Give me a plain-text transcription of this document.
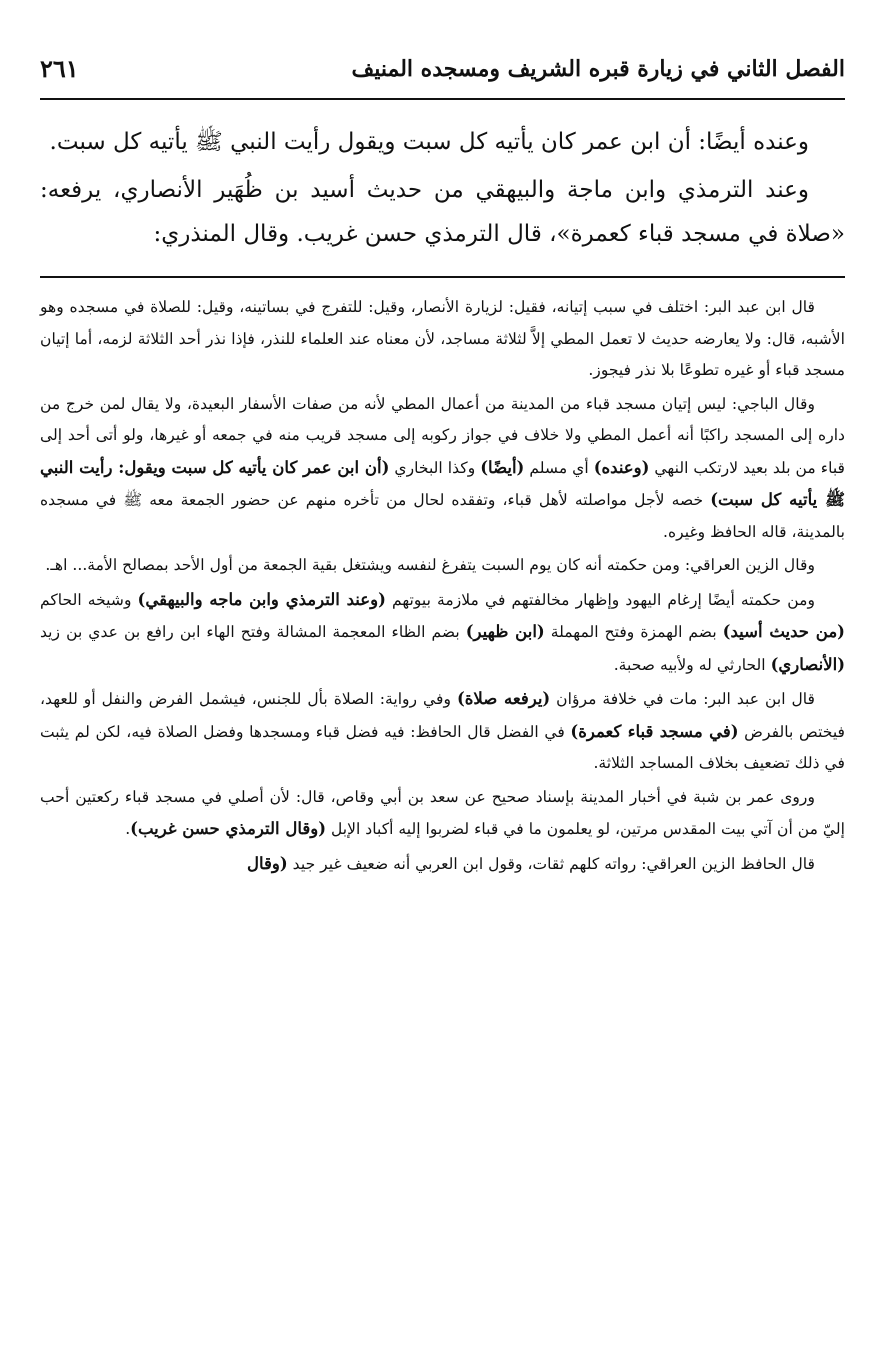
الفصل الثاني في زيارة قبره الشريف ومسجده المنيف
٢٦١

وعنده أيضًا: أن ابن عمر كان يأتيه كل سبت ويقول رأيت النبي ﷺ يأتيه كل سبت.

وعند الترمذي وابن ماجة والبيهقي من حديث أسيد بن ظُهَير الأنصاري، يرفعه: «صلاة في مسجد قباء كعمرة»، قال الترمذي حسن غريب. وقال المنذري:

قال ابن عبد البر: اختلف في سبب إتيانه، فقيل: لزيارة الأنصار، وقيل: للتفرج في بساتينه، وقيل: للصلاة في مسجده وهو الأشبه، قال: ولا يعارضه حديث لا تعمل المطي إلاَّ لثلاثة مساجد، لأن معناه عند العلماء للنذر، فإذا نذر أحد الثلاثة لزمه، أما إتيان مسجد قباء أو غيره تطوعًا بلا نذر فيجوز.

وقال الباجي: ليس إتيان مسجد قباء من المدينة من أعمال المطي لأنه من صفات الأسفار البعيدة، ولا يقال لمن خرج من داره إلى المسجد راكبًا أنه أعمل المطي ولا خلاف في جواز ركوبه إلى مسجد قريب منه في جمعه أو غيرها، ولو أتى أحد إلى قباء من بلد بعيد لارتكب النهي (وعنده) أي مسلم (أيضًا) وكذا البخاري (أن ابن عمر كان يأتيه كل سبت ويقول: رأيت النبي ﷺ يأتيه كل سبت) خصه لأجل مواصلته لأهل قباء، وتفقده لحال من تأخره منهم عن حضور الجمعة معه ﷺ في مسجده بالمدينة، قاله الحافظ وغيره.

وقال الزين العراقي: ومن حكمته أنه كان يوم السبت يتفرغ لنفسه ويشتغل بقية الجمعة من أول الأحد بمصالح الأمة... اهـ.

ومن حكمته أيضًا إرغام اليهود وإظهار مخالفتهم في ملازمة بيوتهم (وعند الترمذي وابن ماجه والبيهقي) وشيخه الحاكم (من حديث أسيد) بضم الهمزة وفتح المهملة (ابن ظهير) بضم الظاء المعجمة المشالة وفتح الهاء ابن رافع بن عدي بن زيد (الأنصاري) الحارثي له ولأبيه صحبة.

قال ابن عبد البر: مات في خلافة مرؤان (يرفعه صلاة) وفي رواية: الصلاة بأل للجنس، فيشمل الفرض والنفل أو للعهد، فيختص بالفرض (في مسجد قباء كعمرة) في الفضل قال الحافظ: فيه فضل قباء ومسجدها وفضل الصلاة فيه، لكن لم يثبت في ذلك تضعيف بخلاف المساجد الثلاثة.

وروى عمر بن شبة في أخبار المدينة بإسناد صحيح عن سعد بن أبي وقاص، قال: لأن أصلي في مسجد قباء ركعتين أحب إليّ من أن آتي بيت المقدس مرتين، لو يعلمون ما في قباء لضربوا إليه أكباد الإبل (وقال الترمذي حسن غريب).

قال الحافظ الزين العراقي: رواته كلهم ثقات، وقول ابن العربي أنه ضعيف غير جيد (وقال
